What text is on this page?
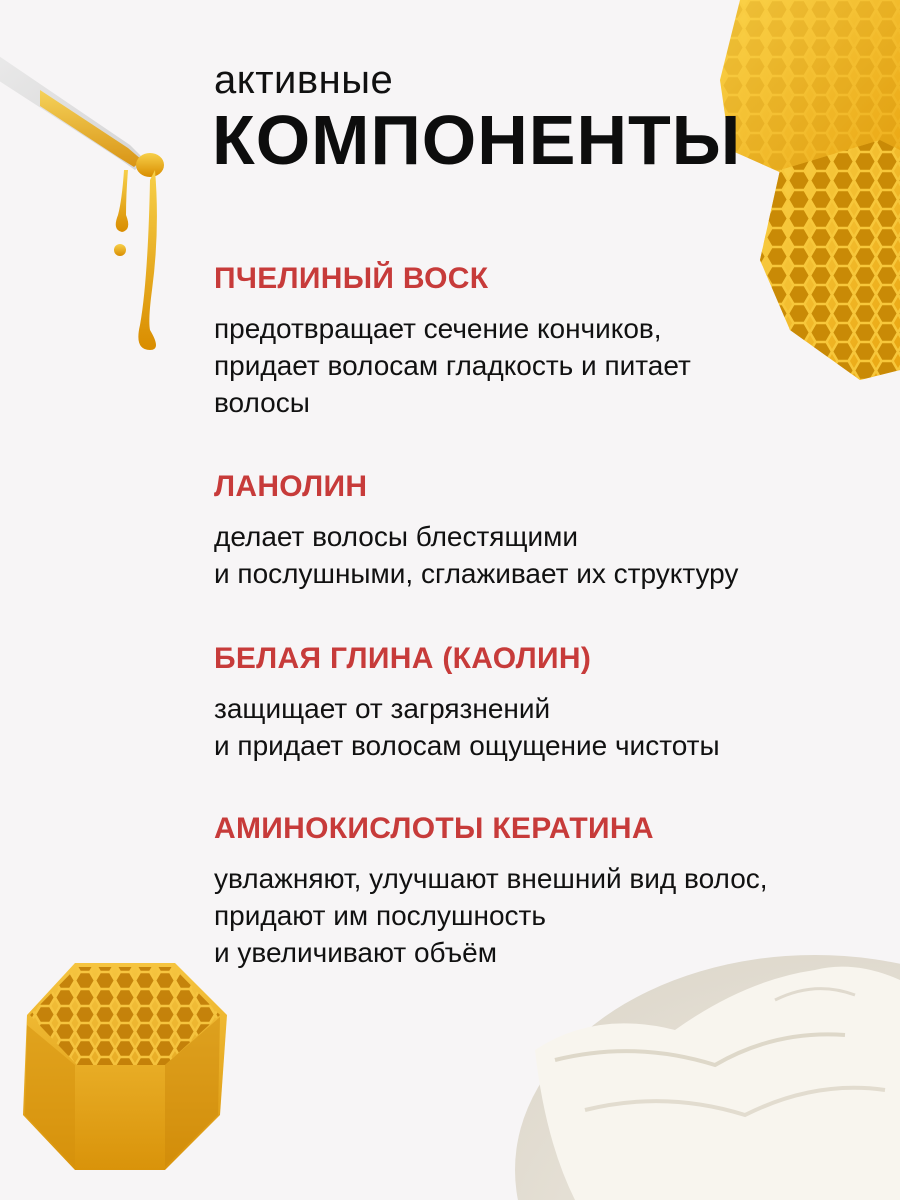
активные
КОМПОНЕНТЫ
ПЧЕЛИНЫЙ ВОСК

предотвращает сечение кончиков,
придает волосам гладкость и питает
волосы

ЛАНОЛИН

делает волосы блестящими
и послушными, сглаживает их структуру

БЕЛАЯ ГЛИНА (КАОЛИН)

защищает от загрязнений
и придает волосам ощущение чистоты

АМИНОКИСЛОТЫ КЕРАТИНА

увлажняют, улучшают внешний вид волос,
придают им послушность
и увеличивают объём
